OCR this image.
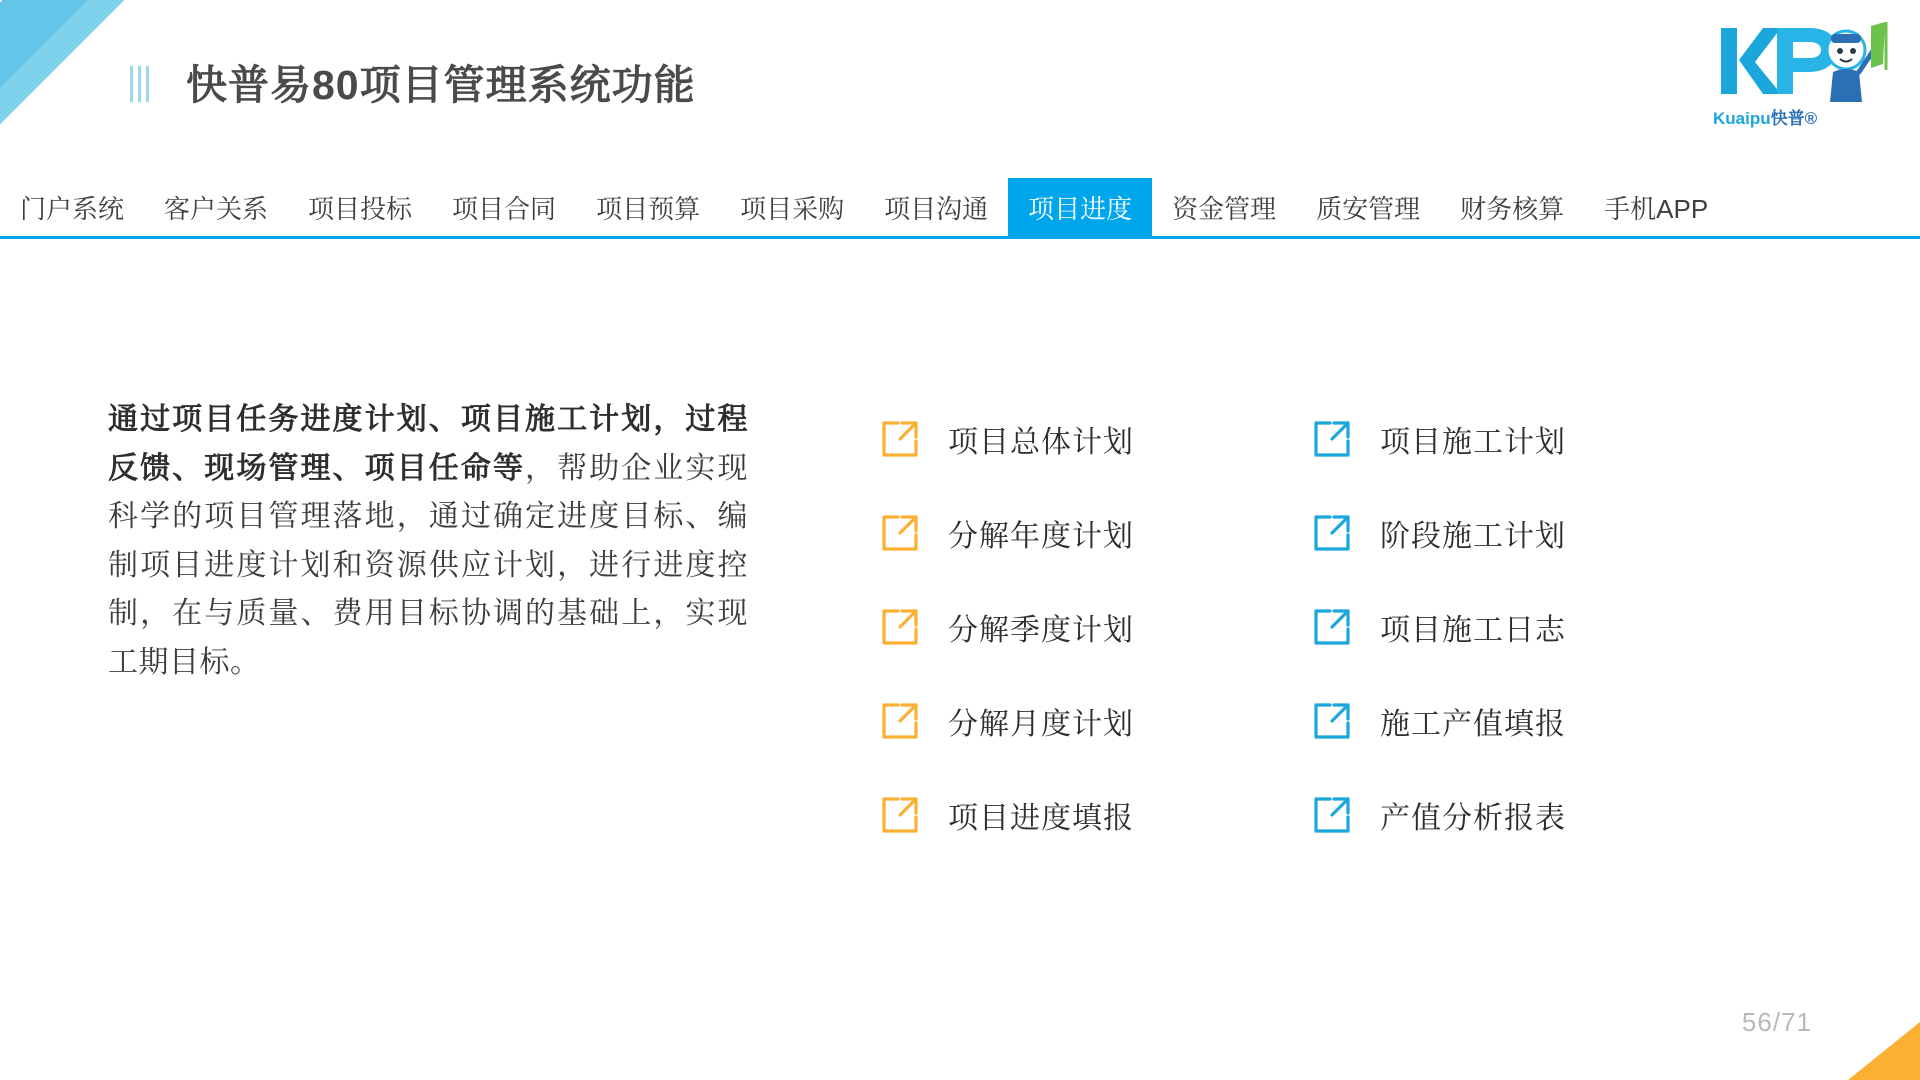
快普易80项目管理系统功能
Kuaipu快普®
门户系统	客户关系	项目投标	项目合同	项目预算	项目采购	项目沟通	项目进度	资金管理	质安管理	财务核算	手机APP
通过项目任务进度计划、项目施工计划，过程反馈、现场管理、项目任命等，帮助企业实现科学的项目管理落地，通过确定进度目标、编制项目进度计划和资源供应计划，进行进度控制，在与质量、费用目标协调的基础上，实现工期目标。
项目总体计划
分解年度计划
分解季度计划
分解月度计划
项目进度填报
项目施工计划
阶段施工计划
项目施工日志
施工产值填报
产值分析报表
56/71
